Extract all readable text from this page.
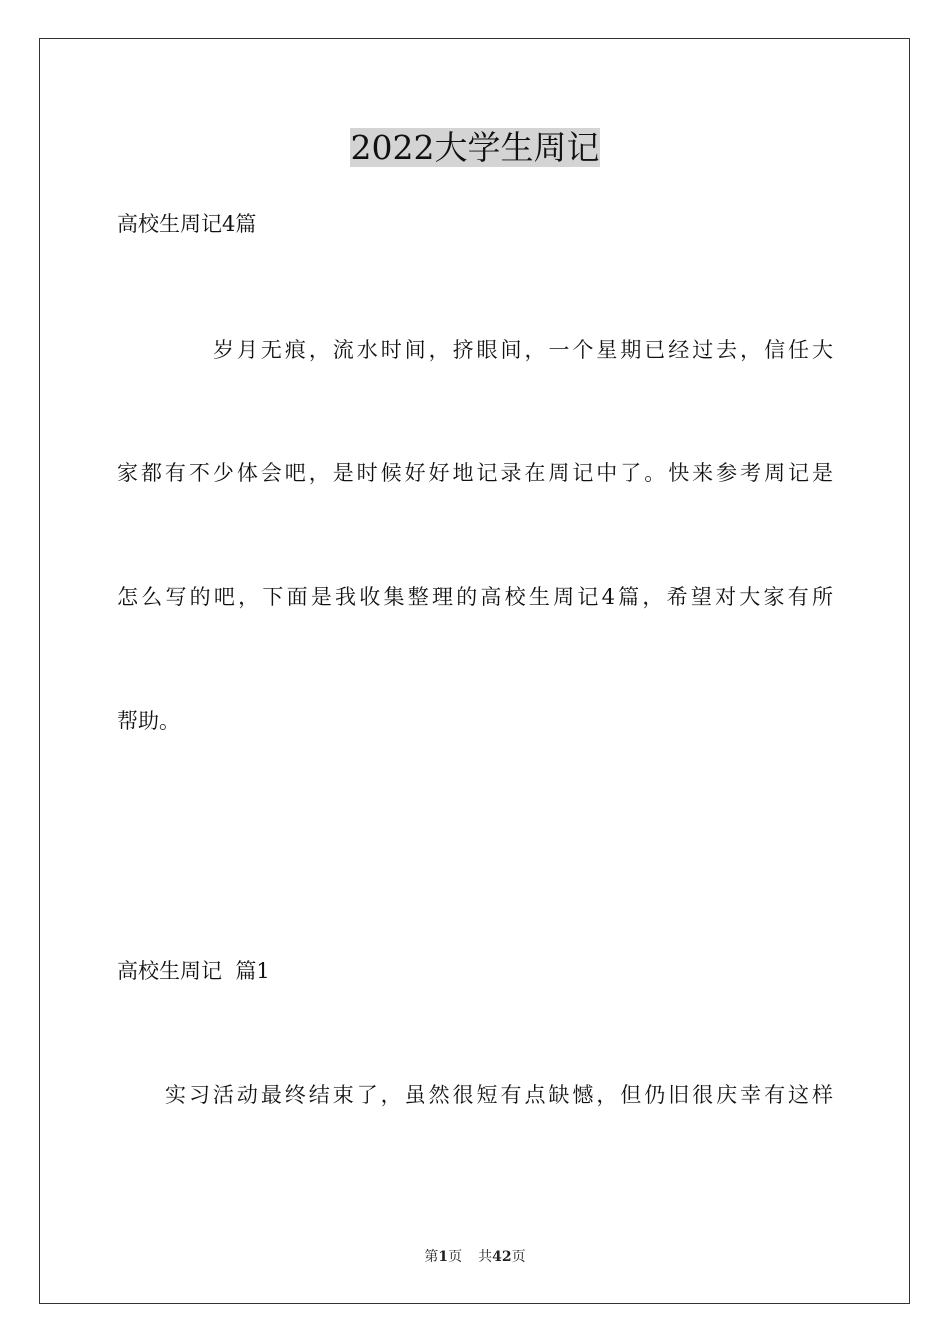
2022大学生周记
高校生周记4篇
岁月无痕，流水时间，挤眼间，一个星期已经过去，信任大
家都有不少体会吧，是时候好好地记录在周记中了。快来参考周记是
怎么写的吧，下面是我收集整理的高校生周记4篇，希望对大家有所
帮助。
高校生周记  篇1
实习活动最终结束了，虽然很短有点缺憾，但仍旧很庆幸有这样
第1页 共42页
